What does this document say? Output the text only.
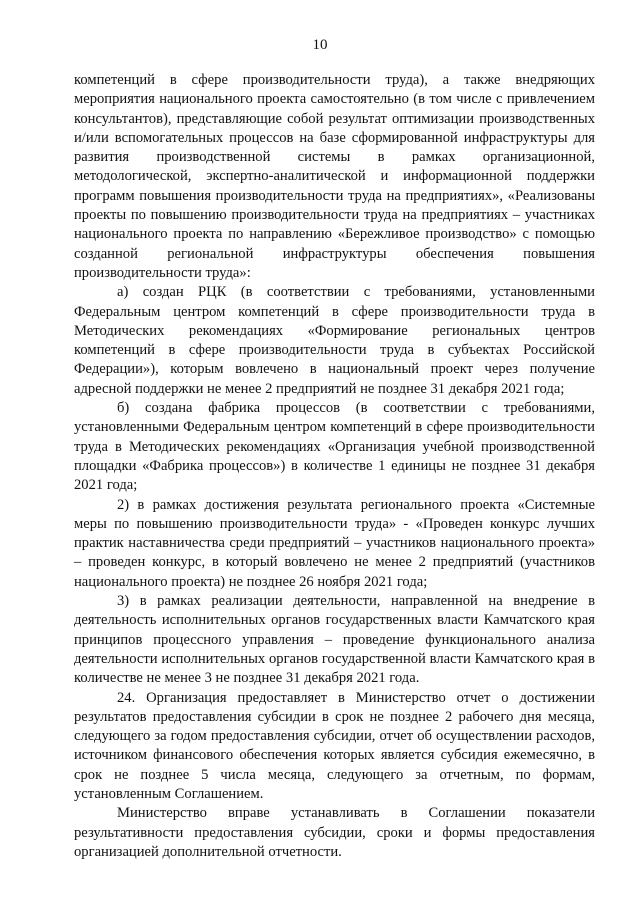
10

компетенций в сфере производительности труда), а также внедряющих мероприятия национального проекта самостоятельно (в том числе с привлечением консультантов), представляющие собой результат оптимизации производственных и/или вспомогательных процессов на базе сформированной инфраструктуры для развития производственной системы в рамках организационной, методологической, экспертно-аналитической и информационной поддержки программ повышения производительности труда на предприятиях», «Реализованы проекты по повышению производительности труда на предприятиях – участниках национального проекта по направлению «Бережливое производство» с помощью созданной региональной инфраструктуры обеспечения повышения производительности труда»:

а) создан РЦК (в соответствии с требованиями, установленными Федеральным центром компетенций в сфере производительности труда в Методических рекомендациях «Формирование региональных центров компетенций в сфере производительности труда в субъектах Российской Федерации»), которым вовлечено в национальный проект через получение адресной поддержки не менее 2 предприятий не позднее 31 декабря 2021 года;

б) создана фабрика процессов (в соответствии с требованиями, установленными Федеральным центром компетенций в сфере производительности труда в Методических рекомендациях «Организация учебной производственной площадки «Фабрика процессов») в количестве 1 единицы не позднее 31 декабря 2021 года;

2) в рамках достижения результата регионального проекта «Системные меры по повышению производительности труда» - «Проведен конкурс лучших практик наставничества среди предприятий – участников национального проекта» – проведен конкурс, в который вовлечено не менее 2 предприятий (участников национального проекта) не позднее 26 ноября 2021 года;

3) в рамках реализации деятельности, направленной на внедрение в деятельность исполнительных органов государственных власти Камчатского края принципов процессного управления – проведение функционального анализа деятельности исполнительных органов государственной власти Камчатского края в количестве не менее 3 не позднее 31 декабря 2021 года.

24. Организация предоставляет в Министерство отчет о достижении результатов предоставления субсидии в срок не позднее 2 рабочего дня месяца, следующего за годом предоставления субсидии, отчет об осуществлении расходов, источником финансового обеспечения которых является субсидия ежемесячно, в срок не позднее 5 числа месяца, следующего за отчетным, по формам, установленным Соглашением.

Министерство вправе устанавливать в Соглашении показатели результативности предоставления субсидии, сроки и формы предоставления организацией дополнительной отчетности.
